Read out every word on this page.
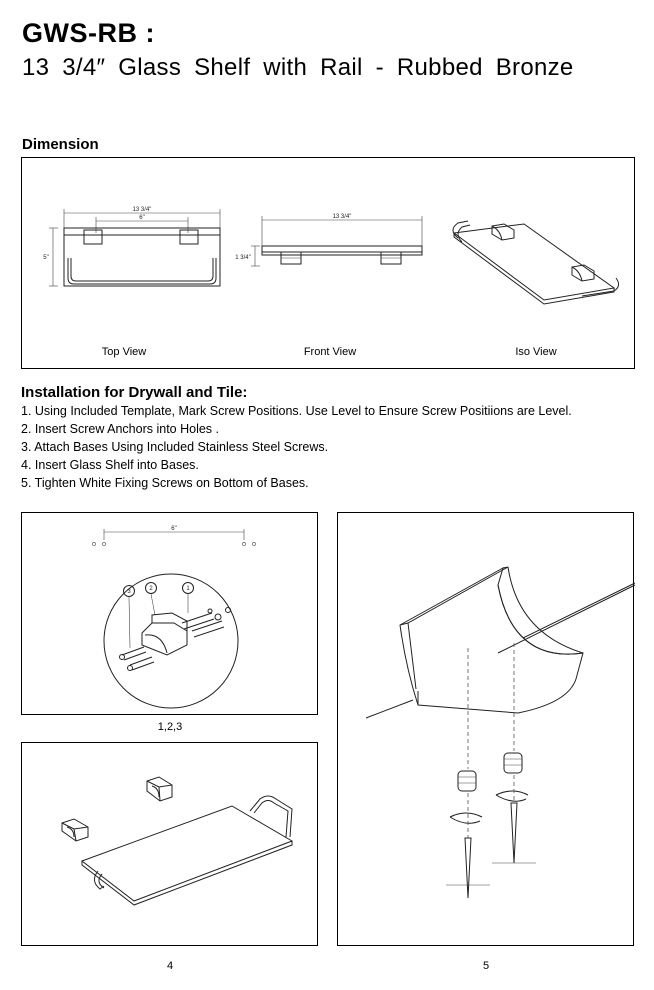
GWS-RB :
13 3/4″ Glass Shelf with Rail - Rubbed Bronze
Dimension
13 3/4"
6"
5"
13 3/4"
1 3/4"
Top View	Front View	Iso View
Installation for Drywall and Tile:
1. Using Included Template, Mark Screw Positions. Use Level to Ensure Screw Positiions are Level.
2. Insert Screw Anchors into Holes .
3. Attach Bases Using Included Stainless Steel Screws.
4. Insert Glass Shelf into Bases.
5. Tighten White Fixing Screws on Bottom of Bases.
6"
3	2	1
1,2,3
4	5
